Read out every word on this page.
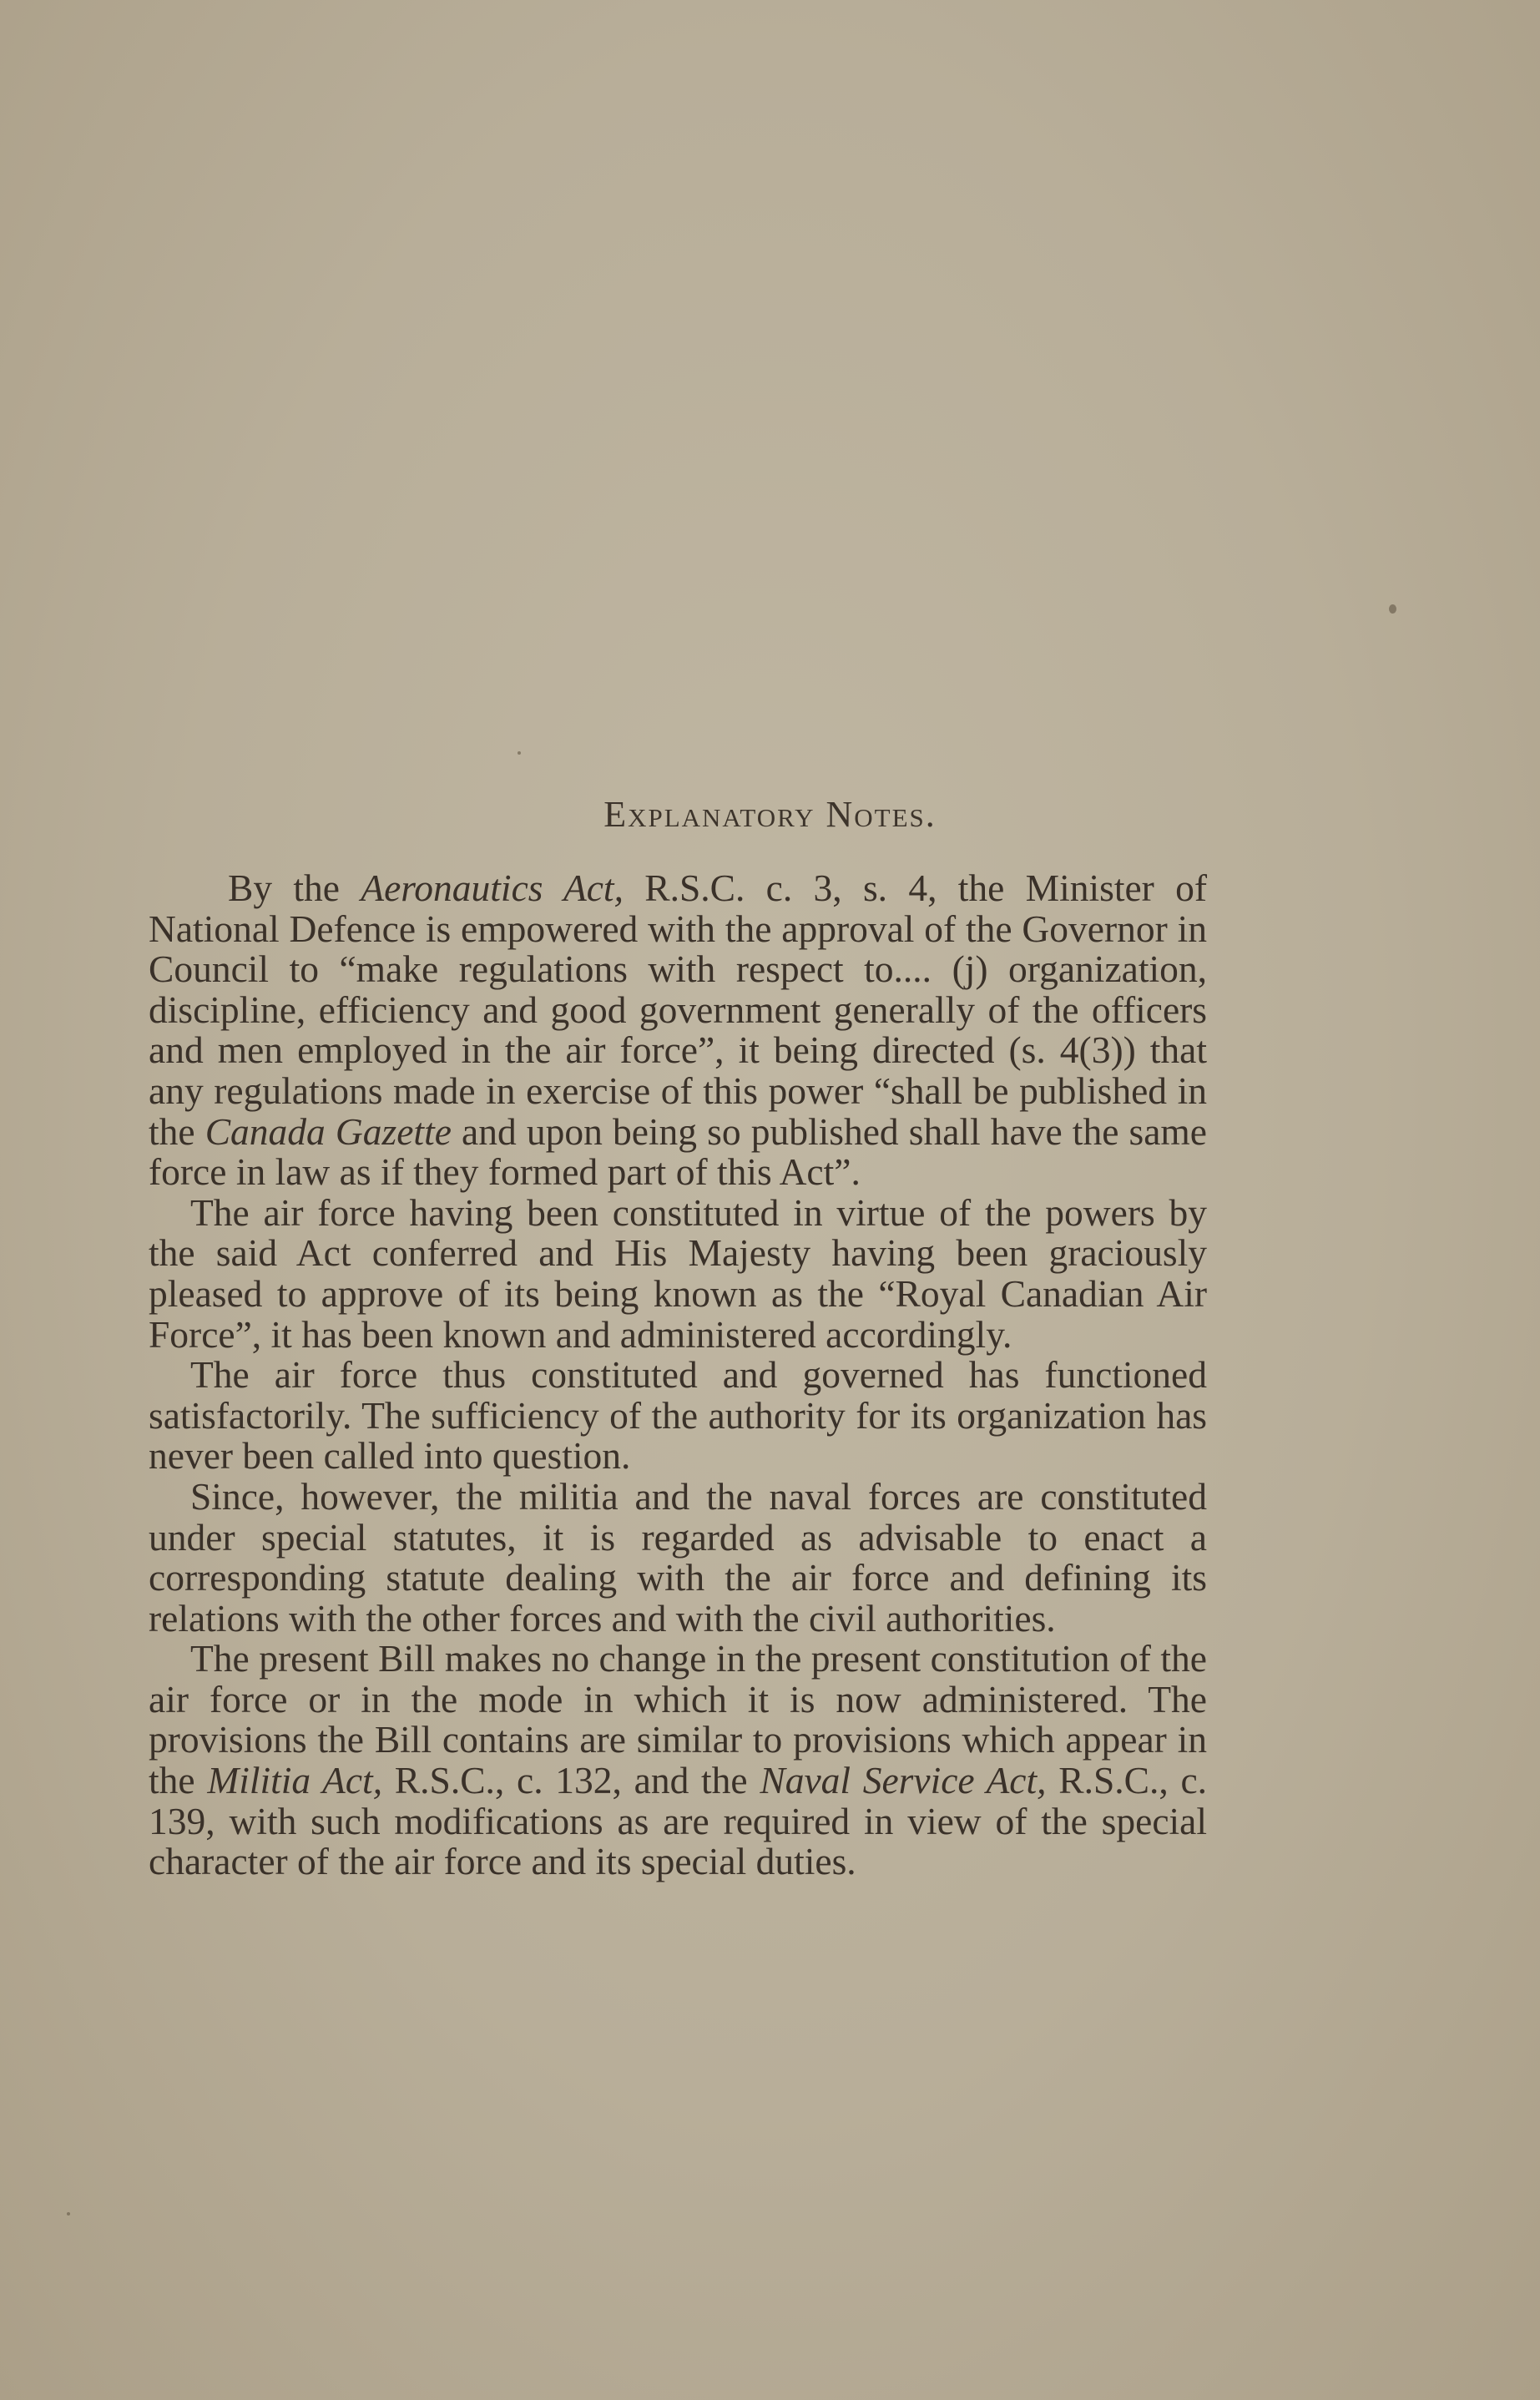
Explanatory Notes.

By the Aeronautics Act, R.S.C. c. 3, s. 4, the Minister of National Defence is empowered with the approval of the Governor in Council to “make regulations with respect to.... (j) organization, discipline, efficiency and good government generally of the officers and men employed in the air force”, it being directed (s. 4(3)) that any regulations made in exercise of this power “shall be published in the Canada Gazette and upon being so published shall have the same force in law as if they formed part of this Act”.

The air force having been constituted in virtue of the powers by the said Act conferred and His Majesty having been graciously pleased to approve of its being known as the “Royal Canadian Air Force”, it has been known and administered accordingly.

The air force thus constituted and governed has functioned satisfactorily. The sufficiency of the authority for its organization has never been called into question.

Since, however, the militia and the naval forces are constituted under special statutes, it is regarded as advisable to enact a corresponding statute dealing with the air force and defining its relations with the other forces and with the civil authorities.

The present Bill makes no change in the present constitution of the air force or in the mode in which it is now administered. The provisions the Bill contains are similar to provisions which appear in the Militia Act, R.S.C., c. 132, and the Naval Service Act, R.S.C., c. 139, with such modifications as are required in view of the special character of the air force and its special duties.
